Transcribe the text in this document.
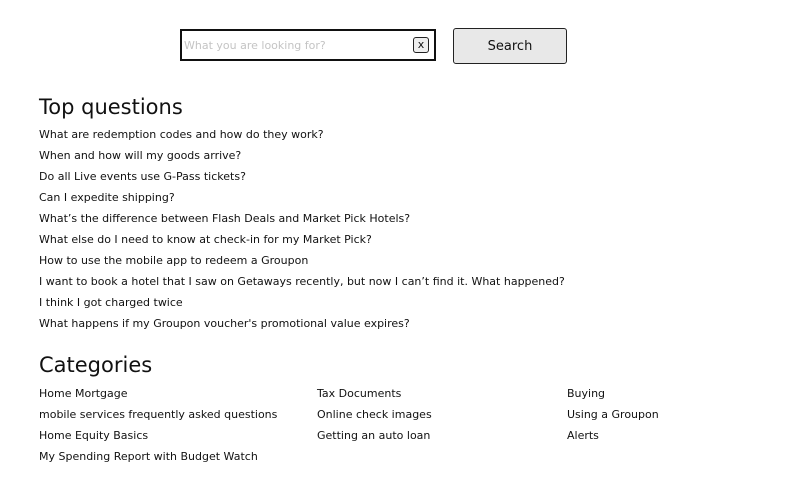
What you are looking for?
x	Search
Top questions
What are redemption codes and how do they work?
When and how will my goods arrive?
Do all Live events use G-Pass tickets?
Can I expedite shipping?
What’s the difference between Flash Deals and Market Pick Hotels?
What else do I need to know at check-in for my Market Pick?
How to use the mobile app to redeem a Groupon
I want to book a hotel that I saw on Getaways recently, but now I can’t find it. What happened?
I think I got charged twice
What happens if my Groupon voucher's promotional value expires?
Categories
Home Mortgage
mobile services frequently asked questions
Home Equity Basics
My Spending Report with Budget Watch
Tax Documents
Online check images
Getting an auto loan
Buying
Using a Groupon
Alerts
